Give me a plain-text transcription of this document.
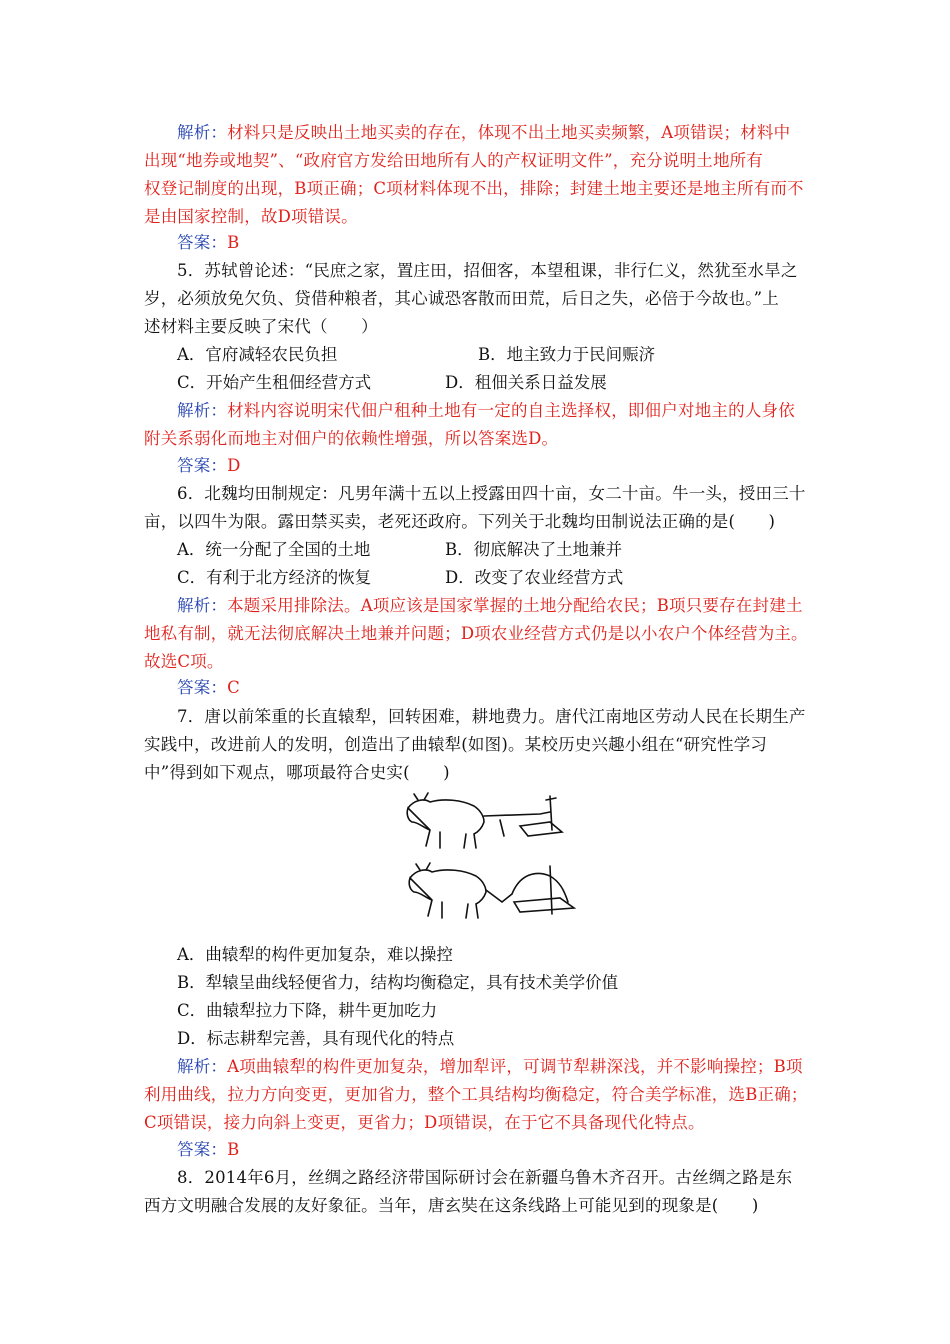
解析：材料只是反映出土地买卖的存在，体现不出土地买卖频繁，A项错误；材料中
出现“地券或地契”、“政府官方发给田地所有人的产权证明文件”，充分说明土地所有
权登记制度的出现，B项正确；C项材料体现不出，排除；封建土地主要还是地主所有而不
是由国家控制，故D项错误。
答案：B
5．苏轼曾论述：“民庶之家，置庄田，招佃客，本望租课，非行仁义，然犹至水旱之
岁，必须放免欠负、贷借种粮者，其心诚恐客散而田荒，后日之失，必倍于今故也。”上
述材料主要反映了宋代（　　）
A．官府减轻农民负担	B．地主致力于民间赈济
C．开始产生租佃经营方式	D．租佃关系日益发展
解析：材料内容说明宋代佃户租种土地有一定的自主选择权，即佃户对地主的人身依
附关系弱化而地主对佃户的依赖性增强，所以答案选D。
答案：D
6．北魏均田制规定：凡男年满十五以上授露田四十亩，女二十亩。牛一头，授田三十
亩，以四牛为限。露田禁买卖，老死还政府。下列关于北魏均田制说法正确的是(　　)
A．统一分配了全国的土地	B．彻底解决了土地兼并
C．有利于北方经济的恢复	D．改变了农业经营方式
解析：本题采用排除法。A项应该是国家掌握的土地分配给农民；B项只要存在封建土
地私有制，就无法彻底解决土地兼并问题；D项农业经营方式仍是以小农户个体经营为主。
故选C项。
答案：C
7．唐以前笨重的长直辕犁，回转困难，耕地费力。唐代江南地区劳动人民在长期生产
实践中，改进前人的发明，创造出了曲辕犁(如图)。某校历史兴趣小组在“研究性学习
中”得到如下观点，哪项最符合史实(　　)
A．曲辕犁的构件更加复杂，难以操控
B．犁辕呈曲线轻便省力，结构均衡稳定，具有技术美学价值
C．曲辕犁拉力下降，耕牛更加吃力
D．标志耕犁完善，具有现代化的特点
解析：A项曲辕犁的构件更加复杂，增加犁评，可调节犁耕深浅，并不影响操控；B项
利用曲线，拉力方向变更，更加省力，整个工具结构均衡稳定，符合美学标准，选B正确；
C项错误，接力向斜上变更，更省力；D项错误，在于它不具备现代化特点。
答案：B
8．2014年6月，丝绸之路经济带国际研讨会在新疆乌鲁木齐召开。古丝绸之路是东
西方文明融合发展的友好象征。当年，唐玄奘在这条线路上可能见到的现象是(　　)
